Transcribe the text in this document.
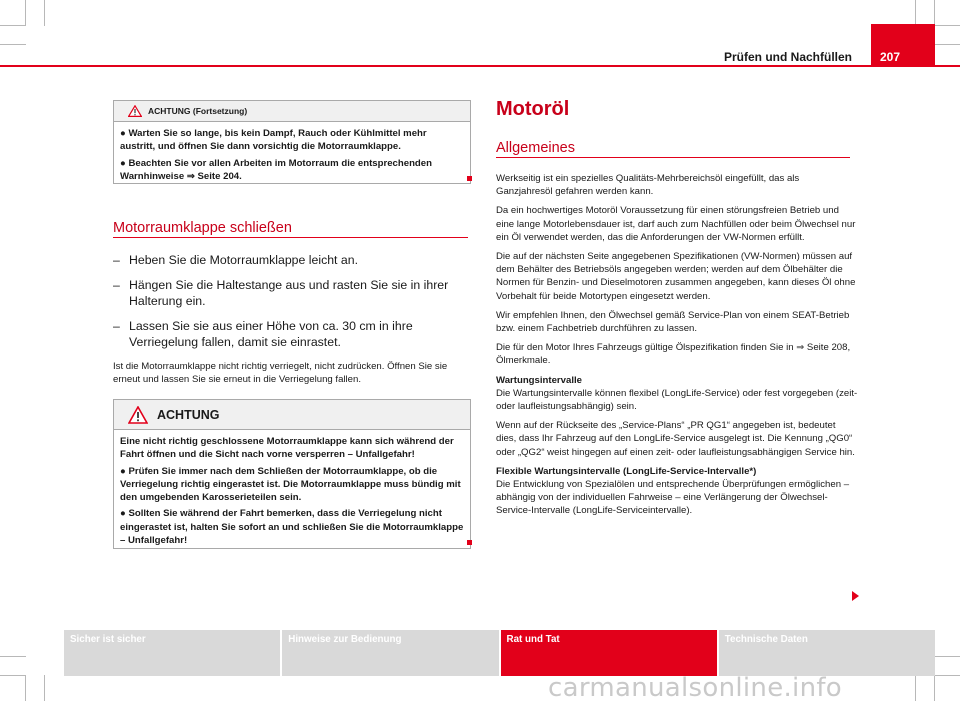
Prüfen und Nachfüllen 207
ACHTUNG (Fortsetzung)

● Warten Sie so lange, bis kein Dampf, Rauch oder Kühlmittel mehr austritt, und öffnen Sie dann vorsichtig die Motorraumklappe.

● Beachten Sie vor allen Arbeiten im Motorraum die entsprechenden Warnhinweise ⇒ Seite 204.

Motorraumklappe schließen
– Heben Sie die Motorraumklappe leicht an.
– Hängen Sie die Haltestange aus und rasten Sie sie in ihrer Halterung ein.
– Lassen Sie sie aus einer Höhe von ca. 30 cm in ihre Verriegelung fallen, damit sie einrastet.

Ist die Motorraumklappe nicht richtig verriegelt, nicht zudrücken. Öffnen Sie sie erneut und lassen Sie sie erneut in die Verriegelung fallen.

ACHTUNG

Eine nicht richtig geschlossene Motorraumklappe kann sich während der Fahrt öffnen und die Sicht nach vorne versperren – Unfallgefahr!

● Prüfen Sie immer nach dem Schließen der Motorraumklappe, ob die Verriegelung richtig eingerastet ist. Die Motorraumklappe muss bündig mit den umgebenden Karosserieteilen sein.

● Sollten Sie während der Fahrt bemerken, dass die Verriegelung nicht eingerastet ist, halten Sie sofort an und schließen Sie die Motorraumklappe – Unfallgefahr!

Motoröl
Allgemeines

Werkseitig ist ein spezielles Qualitäts-Mehrbereichsöl eingefüllt, das als Ganzjahresöl gefahren werden kann.

Da ein hochwertiges Motoröl Voraussetzung für einen störungsfreien Betrieb und eine lange Motorlebensdauer ist, darf auch zum Nachfüllen oder beim Ölwechsel nur ein Öl verwendet werden, das die Anforderungen der VW-Normen erfüllt.

Die auf der nächsten Seite angegebenen Spezifikationen (VW-Normen) müssen auf dem Behälter des Betriebsöls angegeben werden; werden auf dem Ölbehälter die Normen für Benzin- und Dieselmotoren zusammen angegeben, kann dieses Öl ohne Vorbehalt für beide Motortypen eingesetzt werden.

Wir empfehlen Ihnen, den Ölwechsel gemäß Service-Plan von einem SEAT-Betrieb bzw. einem Fachbetrieb durchführen zu lassen.

Die für den Motor Ihres Fahrzeugs gültige Ölspezifikation finden Sie in ⇒ Seite 208, Ölmerkmale.

Wartungsintervalle

Die Wartungsintervalle können flexibel (LongLife-Service) oder fest vorgegeben (zeit- oder laufleistungsabhängig) sein.

Wenn auf der Rückseite des „Service-Plans“ „PR QG1“ angegeben ist, bedeutet dies, dass Ihr Fahrzeug auf den LongLife-Service ausgelegt ist. Die Kennung „QG0“ oder „QG2“ weist hingegen auf einen zeit- oder laufleistungsabhängigen Service hin.

Flexible Wartungsintervalle (LongLife-Service-Intervalle*)

Die Entwicklung von Spezialölen und entsprechende Überprüfungen ermöglichen – abhängig von der individuellen Fahrweise – eine Verlängerung der Ölwechsel-Service-Intervalle (LongLife-Serviceintervalle).

Sicher ist sicher	Hinweise zur Bedienung	Rat und Tat	Technische Daten
carmanualsonline.info
